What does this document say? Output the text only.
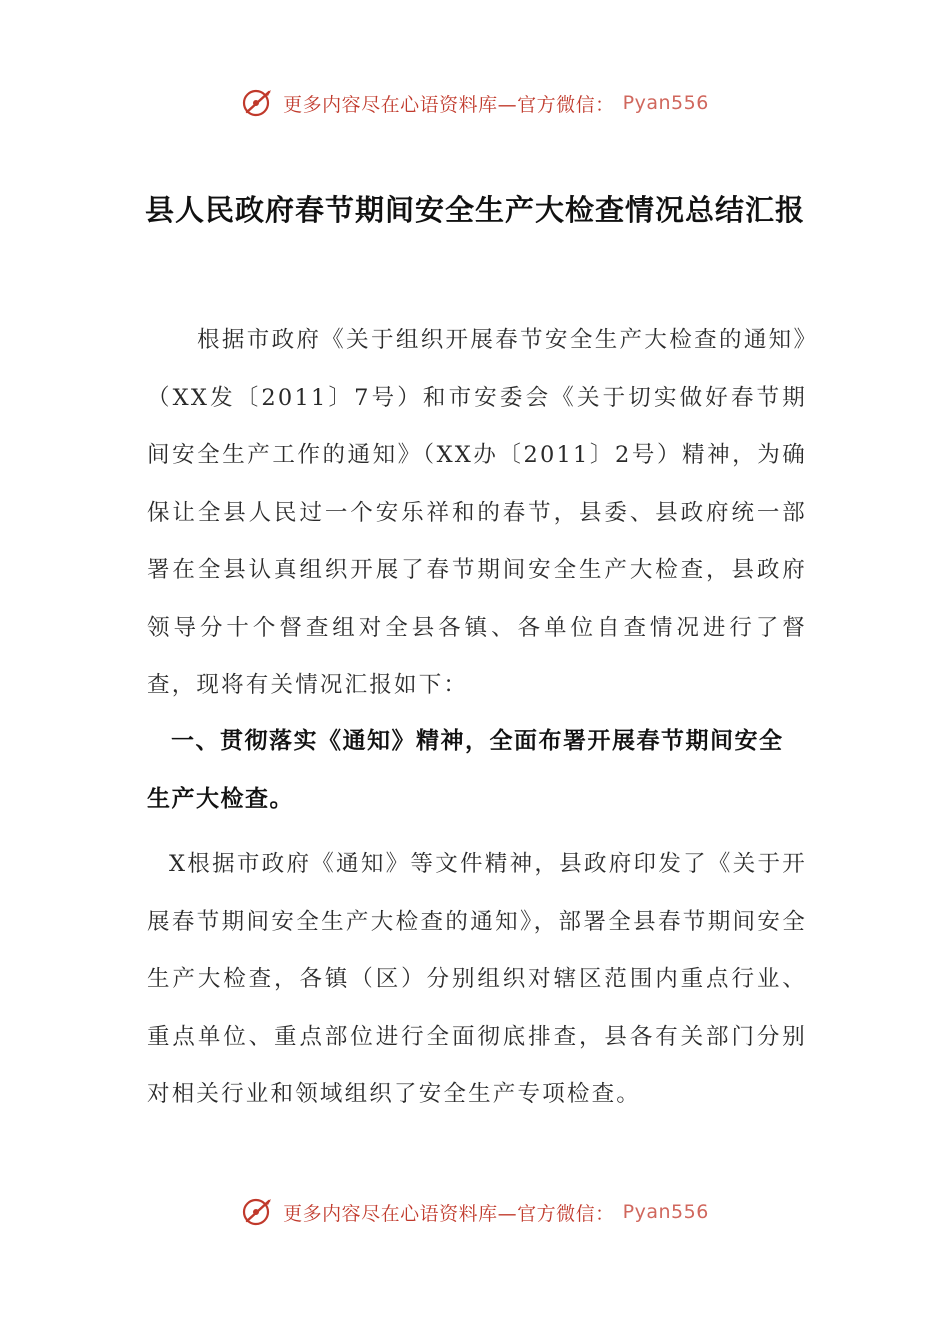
更多内容尽在心语资料库—官方微信： Pyan556
县人民政府春节期间安全生产大检查情况总结汇报
根据市政府《关于组织开展春节安全生产大检查的通知》（XX发〔2011〕7号）和市安委会《关于切实做好春节期间安全生产工作的通知》（XX办〔2011〕2号）精神，为确保让全县人民过一个安乐祥和的春节，县委、县政府统一部署在全县认真组织开展了春节期间安全生产大检查，县政府领导分十个督查组对全县各镇、各单位自查情况进行了督查，现将有关情况汇报如下：
一、贯彻落实《通知》精神，全面布署开展春节期间安全生产大检查。
X根据市政府《通知》等文件精神，县政府印发了《关于开展春节期间安全生产大检查的通知》，部署全县春节期间安全生产大检查，各镇（区）分别组织对辖区范围内重点行业、重点单位、重点部位进行全面彻底排查，县各有关部门分别对相关行业和领域组织了安全生产专项检查。
更多内容尽在心语资料库—官方微信： Pyan556
